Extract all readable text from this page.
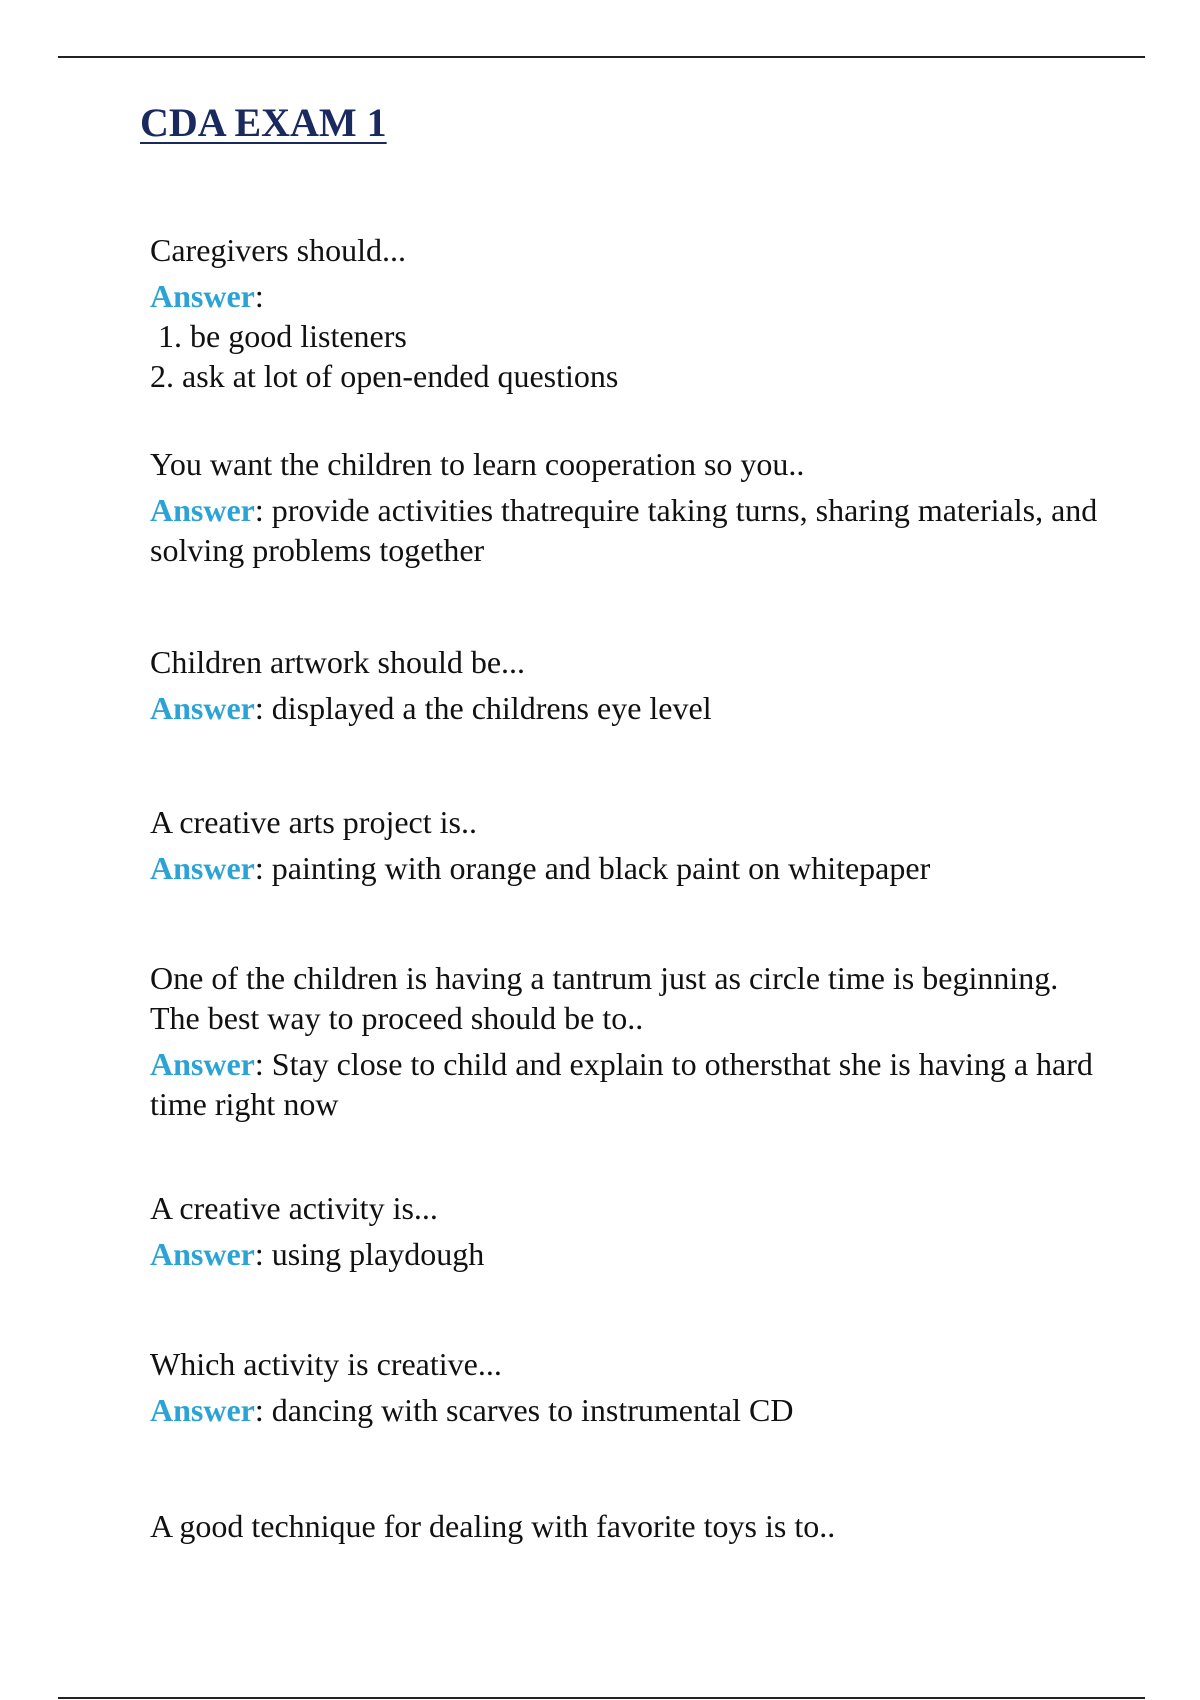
CDA EXAM 1

Caregivers should...

Answer:
1. be good listeners
2. ask at lot of open-ended questions

You want the children to learn cooperation so you..

Answer: provide activities thatrequire taking turns, sharing materials, and solving problems together

Children artwork should be...

Answer: displayed a the childrens eye level

A creative arts project is..

Answer: painting with orange and black paint on whitepaper

One of the children is having a tantrum just as circle time is beginning. The best way to proceed should be to..

Answer: Stay close to child and explain to othersthat she is having a hard time right now

A creative activity is...

Answer: using playdough

Which activity is creative...

Answer: dancing with scarves to instrumental CD

A good technique for dealing with favorite toys is to..
